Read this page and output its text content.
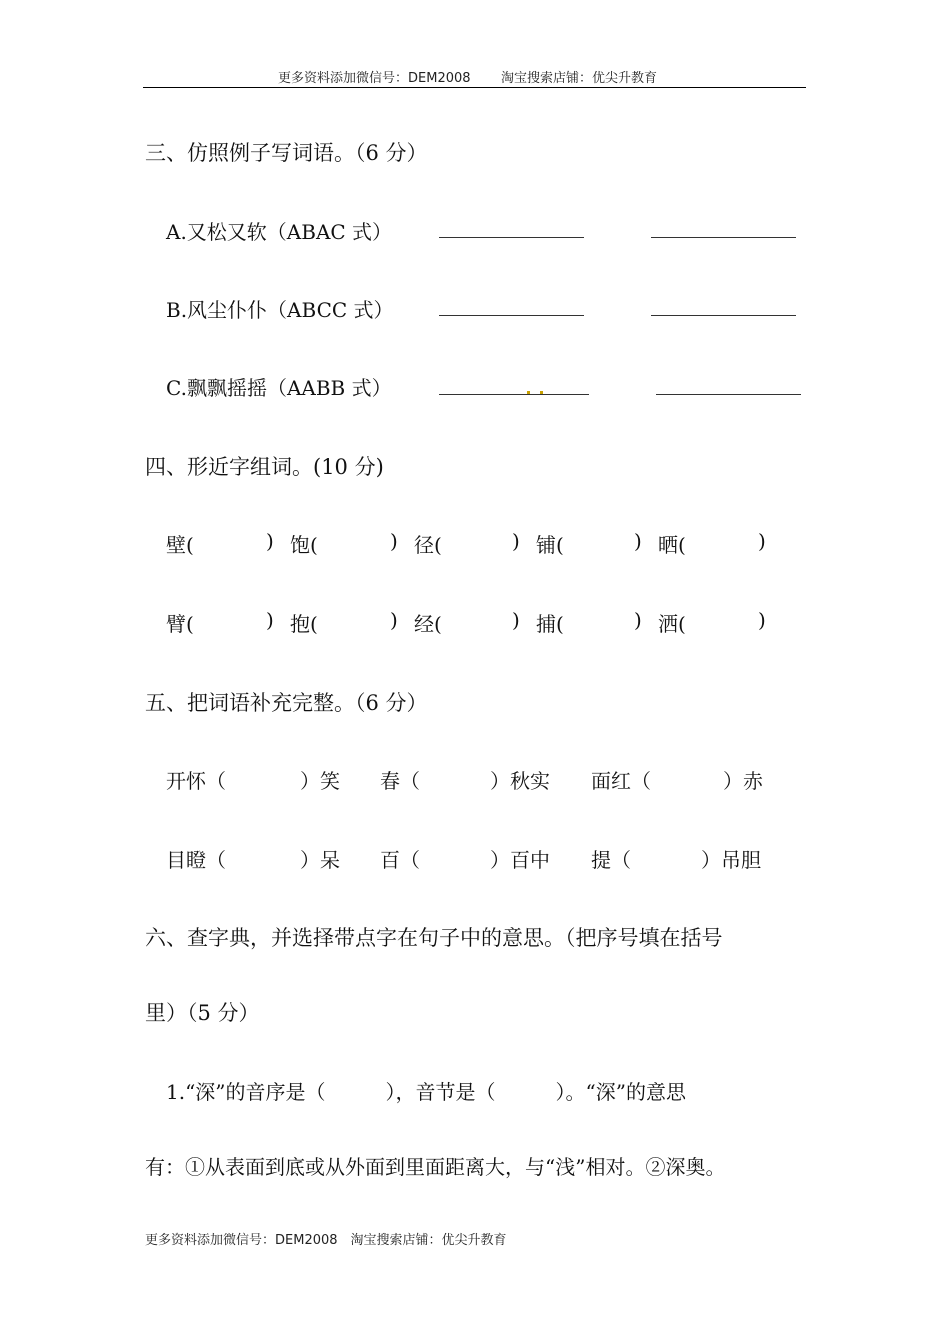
更多资料添加微信号：DEM2008 淘宝搜索店铺：优尖升教育
三、仿照例子写词语。（6 分）
A.又松又软（ABAC 式）
B.风尘仆仆（ABCC 式）
C.飘飘摇摇（AABB 式）
四、形近字组词。(10 分)
壁(	) 饱(	) 径(	) 铺(	) 晒(	)
臂(	) 抱(	) 经(	) 捕(	) 洒(	)
五、把词语补充完整。（6 分）
开怀（	）笑 春（	）秋实 面红（	）赤
目瞪（	）呆 百（	）百中 提（	）吊胆
六、查字典，并选择带点字在句子中的意思。（把序号填在括号
里）（5 分）
1.“深”的音序是（　　　），音节是（　　　）。“深”的意思
有：①从表面到底或从外面到里面距离大，与“浅”相对。②深奥。
更多资料添加微信号：DEM2008　淘宝搜索店铺：优尖升教育
